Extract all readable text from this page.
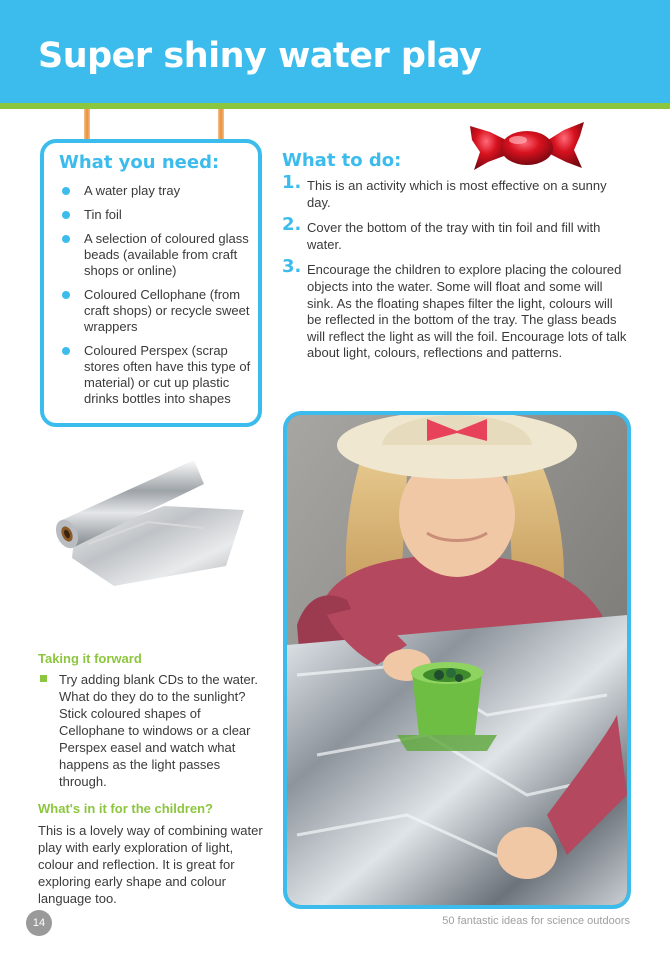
Super shiny water play
What you need:
A water play tray
Tin foil
A selection of coloured glass beads (available from craft shops or online)
Coloured Cellophane (from craft shops) or recycle sweet wrappers
Coloured Perspex (scrap stores often have this type of material) or cut up plastic drinks bottles into shapes
What to do:
1. This is an activity which is most effective on a sunny day.
2. Cover the bottom of the tray with tin foil and fill with water.
3. Encourage the children to explore placing the coloured objects into the water. Some will float and some will sink. As the floating shapes filter the light, colours will be reflected in the bottom of the tray. The glass beads will reflect the light as will the foil. Encourage lots of talk about light, colours, reflections and patterns.
Taking it forward
Try adding blank CDs to the water. What do they do to the sunlight? Stick coloured shapes of Cellophane to windows or a clear Perspex easel and watch what happens as the light passes through.
What's in it for the children?

This is a lovely way of combining water play with early exploration of light, colour and reflection. It is great for exploring early shape and colour language too.

14	50 fantastic ideas for science outdoors
